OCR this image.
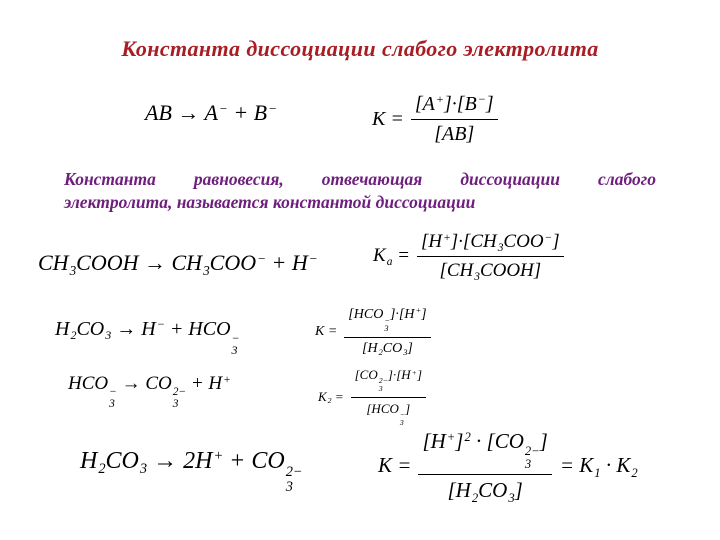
Константа диссоциации слабого электролита
AB → A− + B−	$K = \frac{[A^+]\cdot[B^-]}{[AB]}$
Константа равновесия, отвечающая диссоциации слабого
электролита, называется константой диссоциации
$CH_3COOH \to CH_3COO^- + H^-$	$K_a = \frac{[H^+]\cdot[CH_3COO^-]}{[CH_3COOH]}$
$H_2CO_3 \to H^-$ + HCO −
3
K = [HCO −
3
]·[H+]
$[H_2CO_3]$
HCO −
3
→ CO 2−
3
+ H+
$K_2 = [CO$ 2−
3
]·[H+]
[HCO −
3
]
$H_2CO_3 \to 2H^+$ + CO 2−
3
$K = [H^+]^2 \cdot [CO$ 2−
3
]
$[H_2CO_3] = K_1 \cdot K_2$
